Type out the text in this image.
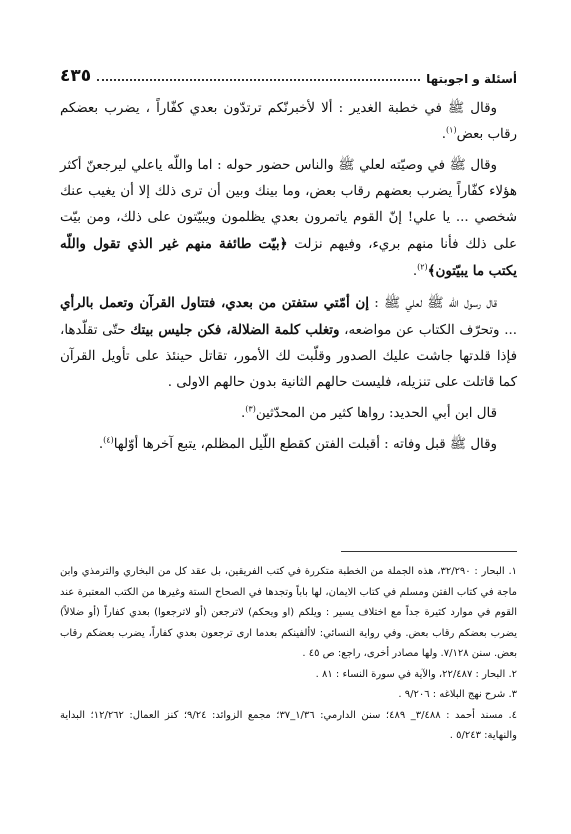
أسئلة و اجوبتها
٤٣٥

وقال ﷺ في خطبة الغدير : ألا لأخبرنّكم ترتدّون بعدي كفّاراً ، يضرب بعضكم رقاب بعض$^{(١)}$.

وقال ﷺ في وصيّته لعلي ﷺ والناس حضور حوله : اما واللّه ياعلي ليرجعنّ أكثر هؤلاء كفّاراً يضرب بعضهم رقاب بعض، وما بينك وبين أن ترى ذلك إلا أن يغيب عنك شخصي ... يا علي! إنّ القوم ياتمرون بعدي يظلمون ويبيّتون على ذلك، ومن بيّت على ذلك فأنا منهم بريء، وفيهم نزلت ﴿بيّت طائفة منهم غير الذي تقول واللّه يكتب ما يبيّتون﴾$^{(٢)}$.

قال رسول اللّه ﷺ لعلي ﷺ : إن أمّتي ستفتن من بعدي، فتتاول القرآن وتعمل بالرأي ... وتحرّف الكتاب عن مواضعه، وتغلب كلمة الضلالة، فكن جليس بيتك حتّى تقلّدها، فإذا قلدتها جاشت عليك الصدور وقلّبت لك الأمور، تقاتل حينئذ على تأويل القرآن كما قاتلت على تنزيله، فليست حالهم الثانية بدون حالهم الاولى .

قال ابن أبي الحديد: رواها كثير من المحدّثين$^{(٣)}$.

وقال ﷺ قبل وفاته : أقبلت الفتن كقطع اللّيل المظلم، يتبع آخرها أوّلها$^{(٤)}$.

١. البحار : ٣٢/٢٩٠، هذه الجملة من الخطبة متكررة في كتب الفريقين، بل عقد كل من البخاري والترمذي وابن ماجة في كتاب الفتن ومسلم في كتاب الايمان، لها باباً وتجدها في الصحاح الستة وغيرها من الكتب المعتبرة عند القوم في موارد كثيرة جداً مع اختلاف يسير : ويلكم (او ويحكم) لاترجعن (أو لاترجعوا) بعدي كفاراً (أو ضلالاً) يضرب بعضكم رقاب بعض. وفي رواية النسائي: لاألفينكم بعدما ارى ترجعون بعدي كفاراً، يضرب بعضكم رقاب بعض. سنن ٧/١٢٨. ولها مصادر أخرى، راجع: ص ٤٥ .

٢. البحار : ٢٢/٤٨٧، والآية في سورة النساء : ٨١ .

٣. شرح نهج البلاغه : ٩/٢٠٦ .

٤. مسند أحمد : ٣/٤٨٨_ ٤٨٩؛ سنن الدارمي: ١/٣٦_٣٧؛ مجمع الزوائد: ٩/٢٤؛ كنز العمال: ١٢/٢٦٢؛ البداية والنهاية: ٥/٢٤٣ .
